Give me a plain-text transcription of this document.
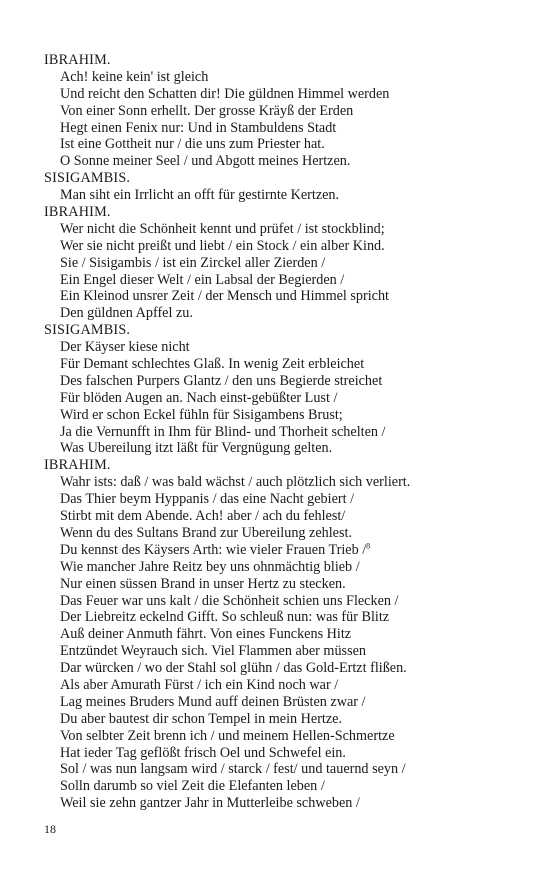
IBRAHIM.
Ach! keine kein' ist gleich
Und reicht den Schatten dir! Die güldnen Himmel werden
Von einer Sonn erhellt. Der grosse Kräyß der Erden
Hegt einen Fenix nur: Und in Stambuldens Stadt
Ist eine Gottheit nur / die uns zum Priester hat.
O Sonne meiner Seel / und Abgott meines Hertzen.
SISIGAMBIS.
Man siht ein Irrlicht an offt für gestirnte Kertzen.
IBRAHIM.
Wer nicht die Schönheit kennt und prüfet / ist stockblind;
Wer sie nicht preißt und liebt / ein Stock / ein alber Kind.
Sie / Sisigambis / ist ein Zirckel aller Zierden /
Ein Engel dieser Welt / ein Labsal der Begierden /
Ein Kleinod unsrer Zeit / der Mensch und Himmel spricht
Den güldnen Apffel zu.
SISIGAMBIS.
Der Käyser kiese nicht
Für Demant schlechtes Glaß. In wenig Zeit erbleichet
Des falschen Purpers Glantz / den uns Begierde streichet
Für blöden Augen an. Nach einst-gebüßter Lust /
Wird er schon Eckel fühln für Sisigambens Brust;
Ja die Vernunfft in Ihm für Blind- und Thorheit schelten /
Was Ubereilung itzt läßt für Vergnügung gelten.
IBRAHIM.
Wahr ists: daß / was bald wächst / auch plötzlich sich verliert.
Das Thier beym Hyppanis / das eine Nacht gebiert /
Stirbt mit dem Abende. Ach! aber / ach du fehlest/
Wenn du des Sultans Brand zur Ubereilung zehlest.
Du kennst des Käysers Arth: wie vieler Frauen Trieb /$^8$
Wie mancher Jahre Reitz bey uns ohnmächtig blieb /
Nur einen süssen Brand in unser Hertz zu stecken.
Das Feuer war uns kalt / die Schönheit schien uns Flecken /
Der Liebreitz eckelnd Gifft. So schleuß nun: was für Blitz
Auß deiner Anmuth fährt. Von eines Funckens Hitz
Entzündet Weyrauch sich. Viel Flammen aber müssen
Dar würcken / wo der Stahl sol glühn / das Gold-Ertzt flißen.
Als aber Amurath Fürst / ich ein Kind noch war /
Lag meines Bruders Mund auff deinen Brüsten zwar /
Du aber bautest dir schon Tempel in mein Hertze.
Von selbter Zeit brenn ich / und meinem Hellen-Schmertze
Hat ieder Tag geflößt frisch Oel und Schwefel ein.
Sol / was nun langsam wird / starck / fest/ und tauernd seyn /
Solln darumb so viel Zeit die Elefanten leben /
Weil sie zehn gantzer Jahr in Mutterleibe schweben /
18
